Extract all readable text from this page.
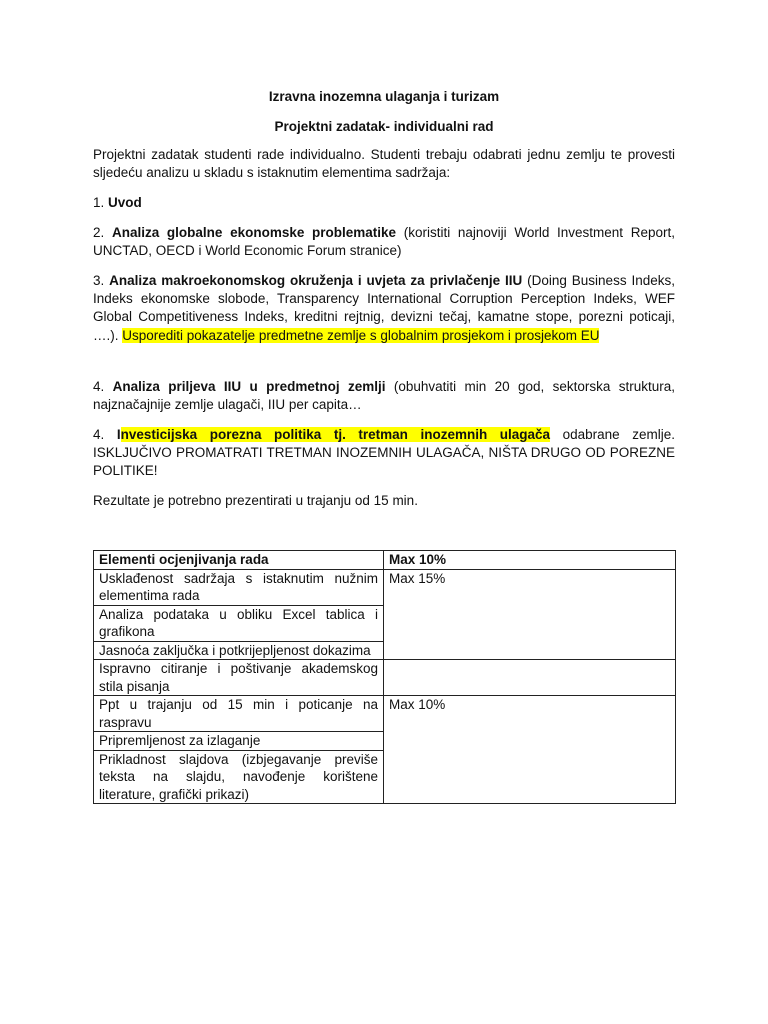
Izravna inozemna ulaganja i turizam
Projektni zadatak- individualni rad
Projektni zadatak studenti rade individualno. Studenti trebaju odabrati jednu zemlju te provesti sljedeću analizu u skladu s istaknutim elementima sadržaja:
1. Uvod
2. Analiza globalne ekonomske problematike (koristiti najnoviji World Investment Report, UNCTAD, OECD i World Economic Forum stranice)
3. Analiza makroekonomskog okruženja i uvjeta za privlačenje IIU (Doing Business Indeks, Indeks ekonomske slobode, Transparency International Corruption Perception Indeks, WEF Global Competitiveness Indeks, kreditni rejtnig, devizni tečaj, kamatne stope, porezni poticaji, ….). Usporediti pokazatelje predmetne zemlje s globalnim prosjekom i prosjekom EU
4. Analiza priljeva IIU u predmetnoj zemlji (obuhvatiti min 20 god, sektorska struktura, najznačajnije zemlje ulagači, IIU per capita…
4. Investicijska porezna politika tj. tretman inozemnih ulagača odabrane zemlje. ISKLJUČIVO PROMATRATI TRETMAN INOZEMNIH ULAGAČA, NIŠTA DRUGO OD POREZNE POLITIKE!
Rezultate je potrebno prezentirati u trajanju od 15 min.
Elementi ocjenjivanja rada	Max 10%
Usklađenost sadržaja s istaknutim nužnim elementima rada	Max 15%
Analiza podataka u obliku Excel tablica i grafikona	
Jasnoća zaključka i potkrijepljenost dokazima	
Ispravno citiranje i poštivanje akademskog stila pisanja	
Ppt u trajanju od 15 min i poticanje na raspravu	Max 10%
Pripremljenost za izlaganje	
Prikladnost slajdova (izbjegavanje previše teksta na slajdu, navođenje korištene literature, grafički prikazi)	
